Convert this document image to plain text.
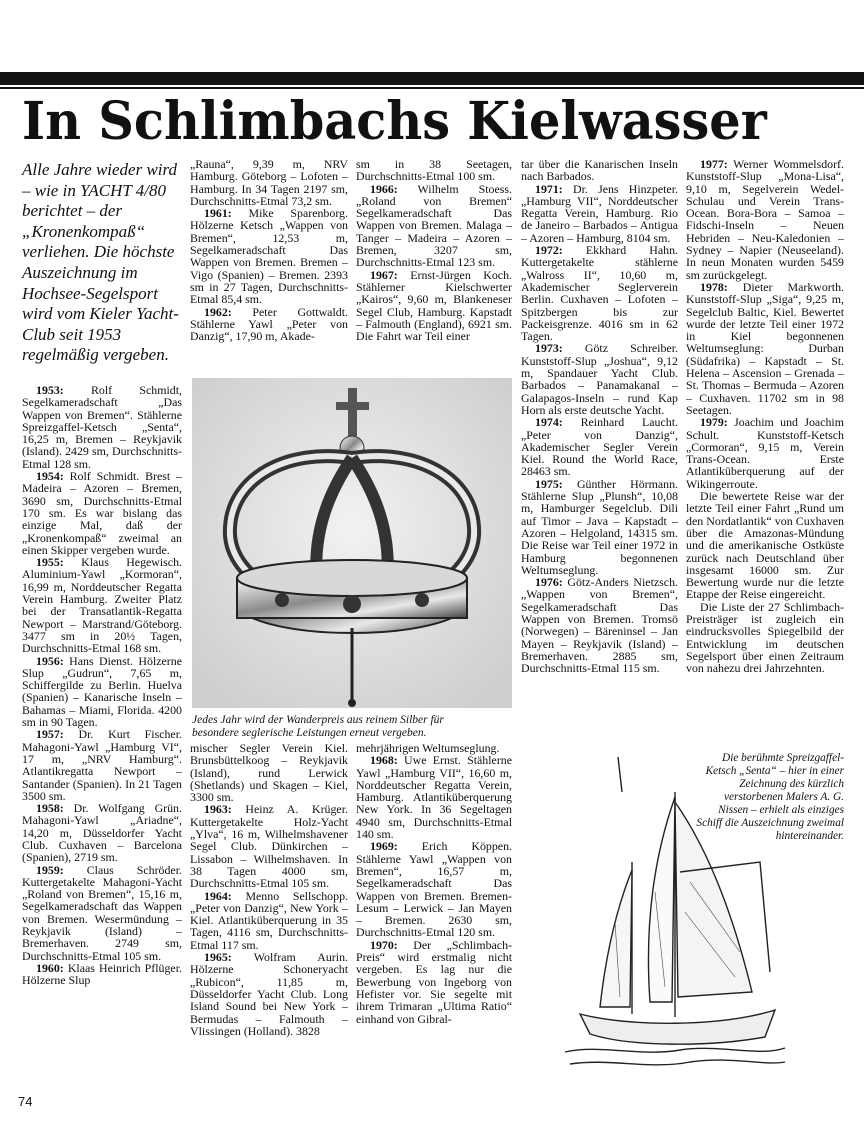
In Schlimbachs Kielwasser

Alle Jahre wieder wird – wie in YACHT 4/80 berichtet – der „Kronenkompaß“ verliehen. Die höchste Auszeichnung im Hochsee-Segelsport wird vom Kieler Yacht-Club seit 1953 regelmäßig vergeben.

1953: Rolf Schmidt, Segelkameradschaft „Das Wappen von Bremen“. Stählerne Spreizgaffel-Ketsch „Senta“, 16,25 m, Bremen – Reykjavik (Island). 2429 sm, Durchschnitts-Etmal 128 sm.

1954: Rolf Schmidt. Brest – Madeira – Azoren – Bremen, 3690 sm, Durchschnitts-Etmal 170 sm. Es war bislang das einzige Mal, daß der „Kronenkompaß“ zweimal an einen Skipper vergeben wurde.

1955: Klaus Hegewisch. Aluminium-Yawl „Kormoran“, 16,99 m, Norddeutscher Regatta Verein Hamburg. Zweiter Platz bei der Transatlantik-Regatta Newport – Marstrand/Göteborg. 3477 sm in 20½ Tagen, Durchschnitts-Etmal 168 sm.

1956: Hans Dienst. Hölzerne Slup „Gudrun“, 7,65 m, Schiffergilde zu Berlin. Huelva (Spanien) – Kanarische Inseln – Bahamas – Miami, Florida. 4200 sm in 90 Tagen.

1957: Dr. Kurt Fischer. Mahagoni-Yawl „Hamburg VI“, 17 m, „NRV Hamburg“. Atlantikregatta Newport – Santander (Spanien). In 21 Tagen 3500 sm.

1958: Dr. Wolfgang Grün. Mahagoni-Yawl „Ariadne“, 14,20 m, Düsseldorfer Yacht Club. Cuxhaven – Barcelona (Spanien), 2719 sm.

1959: Claus Schröder. Kuttergetakelte Mahagoni-Yacht „Roland von Bremen“, 15,16 m, Segelkameradschaft das Wappen von Bremen. Wesermündung – Reykjavik (Island) – Bremerhaven. 2749 sm, Durchschnitts-Etmal 105 sm.

1960: Klaas Heinrich Pflüger. Hölzerne Slup

„Rauna“, 9,39 m, NRV Hamburg. Göteborg – Lofoten – Hamburg. In 34 Tagen 2197 sm, Durchschnitts-Etmal 73,2 sm.

1961: Mike Sparenborg. Hölzerne Ketsch „Wappen von Bremen“, 12,53 m, Segelkameradschaft Das Wappen von Bremen. Bremen – Vigo (Spanien) – Bremen. 2393 sm in 27 Tagen, Durchschnitts-Etmal 85,4 sm.

1962: Peter Gottwaldt. Stählerne Yawl „Peter von Danzig“, 17,90 m, Akade-

sm in 38 Seetagen, Durchschnitts-Etmal 100 sm.

1966: Wilhelm Stoess. „Roland von Bremen“ Segelkameradschaft Das Wappen von Bremen. Malaga – Tanger – Madeira – Azoren – Bremen, 3207 sm, Durchschnitts-Etmal 123 sm.

1967: Ernst-Jürgen Koch. Stählerner Kielschwerter „Kairos“, 9,60 m, Blankeneser Segel Club, Hamburg. Kapstadt – Falmouth (England), 6921 sm. Die Fahrt war Teil einer

tar über die Kanarischen Inseln nach Barbados.

1971: Dr. Jens Hinzpeter. „Hamburg VII“, Norddeutscher Regatta Verein, Hamburg. Rio de Janeiro – Barbados – Antigua – Azoren – Hamburg, 8104 sm.

1972: Ekkhard Hahn. Kuttergetakelte stählerne „Walross II“, 10,60 m, Akademischer Seglerverein Berlin. Cuxhaven – Lofoten – Spitzbergen bis zur Packeisgrenze. 4016 sm in 62 Tagen.

1973: Götz Schreiber. Kunststoff-Slup „Joshua“, 9,12 m, Spandauer Yacht Club. Barbados – Panamakanal – Galapagos-Inseln – rund Kap Horn als erste deutsche Yacht.

1974: Reinhard Laucht. „Peter von Danzig“, Akademischer Segler Verein Kiel. Round the World Race, 28463 sm.

1975: Günther Hörmann. Stählerne Slup „Plunsh“, 10,08 m, Hamburger Segelclub. Dili auf Timor – Java – Kapstadt – Azoren – Helgoland, 14315 sm. Die Reise war Teil einer 1972 in Hamburg begonnenen Weltumseglung.

1976: Götz-Anders Nietzsch. „Wappen von Bremen“, Segelkameradschaft Das Wappen von Bremen. Tromsö (Norwegen) – Bäreninsel – Jan Mayen – Reykjavik (Island) – Bremerhaven. 2885 sm, Durchschnitts-Etmal 115 sm.

1977: Werner Wommelsdorf. Kunststoff-Slup „Mona-Lisa“, 9,10 m, Segelverein Wedel-Schulau und Verein Trans-Ocean. Bora-Bora – Samoa – Fidschi-Inseln – Neuen Hebriden – Neu-Kaledonien – Sydney – Napier (Neuseeland). In neun Monaten wurden 5459 sm zurückgelegt.

1978: Dieter Markworth. Kunststoff-Slup „Siga“, 9,25 m, Segelclub Baltic, Kiel. Bewertet wurde der letzte Teil einer 1972 in Kiel begonnenen Weltumseglung: Durban (Südafrika) – Kapstadt – St. Helena – Ascension – Grenada – St. Thomas – Bermuda – Azoren – Cuxhaven. 11702 sm in 98 Seetagen.

1979: Joachim und Joachim Schult. Kunststoff-Ketsch „Cormoran“, 9,15 m, Verein Trans-Ocean. Erste Atlantiküberquerung auf der Wikingerroute.

Die bewertete Reise war der letzte Teil einer Fahrt „Rund um den Nordatlantik“ von Cuxhaven über die Amazonas-Mündung und die amerikanische Ostküste zurück nach Deutschland über insgesamt 16000 sm. Zur Bewertung wurde nur die letzte Etappe der Reise eingereicht.

Die Liste der 27 Schlimbach-Preisträger ist zugleich ein eindrucksvolles Spiegelbild der Entwicklung im deutschen Segelsport über einen Zeitraum von nahezu drei Jahrzehnten.

mischer Segler Verein Kiel. Brunsbüttelkoog – Reykjavik (Island), rund Lerwick (Shetlands) und Skagen – Kiel, 3300 sm.

1963: Heinz A. Krüger. Kuttergetakelte Holz-Yacht „Ylva“, 16 m, Wilhelmshavener Segel Club. Dünkirchen – Lissabon – Wilhelmshaven. In 38 Tagen 4000 sm, Durchschnitts-Etmal 105 sm.

1964: Menno Sellschopp. „Peter von Danzig“, New York – Kiel. Atlantiküberquerung in 35 Tagen, 4116 sm, Durchschnitts-Etmal 117 sm.

1965: Wolfram Aurin. Hölzerne Schoneryacht „Rubicon“, 11,85 m, Düsseldorfer Yacht Club. Long Island Sound bei New York – Bermudas – Falmouth – Vlissingen (Holland). 3828

mehrjährigen Weltumseglung.

1968: Uwe Ernst. Stählerne Yawl „Hamburg VII“, 16,60 m, Norddeutscher Regatta Verein, Hamburg. Atlantiküberquerung New York. In 36 Segeltagen 4940 sm, Durchschnitts-Etmal 140 sm.

1969: Erich Köppen. Stählerne Yawl „Wappen von Bremen“, 16,57 m, Segelkameradschaft Das Wappen von Bremen. Bremen-Lesum – Lerwick – Jan Mayen – Bremen. 2630 sm, Durchschnitts-Etmal 120 sm.

1970: Der „Schlimbach-Preis“ wird erstmalig nicht vergeben. Es lag nur die Bewerbung von Ingeborg von Hefister vor. Sie segelte mit ihrem Trimaran „Ultima Ratio“ einhand von Gibral-

Jedes Jahr wird der Wanderpreis aus reinem Silber für besondere seglerische Leistungen erneut vergeben.

Die berühmte Spreizgaffel-Ketsch „Senta“ – hier in einer Zeichnung des kürzlich verstorbenen Malers A. G. Nissen – erhielt als einziges Schiff die Auszeichnung zweimal hintereinander.

74
